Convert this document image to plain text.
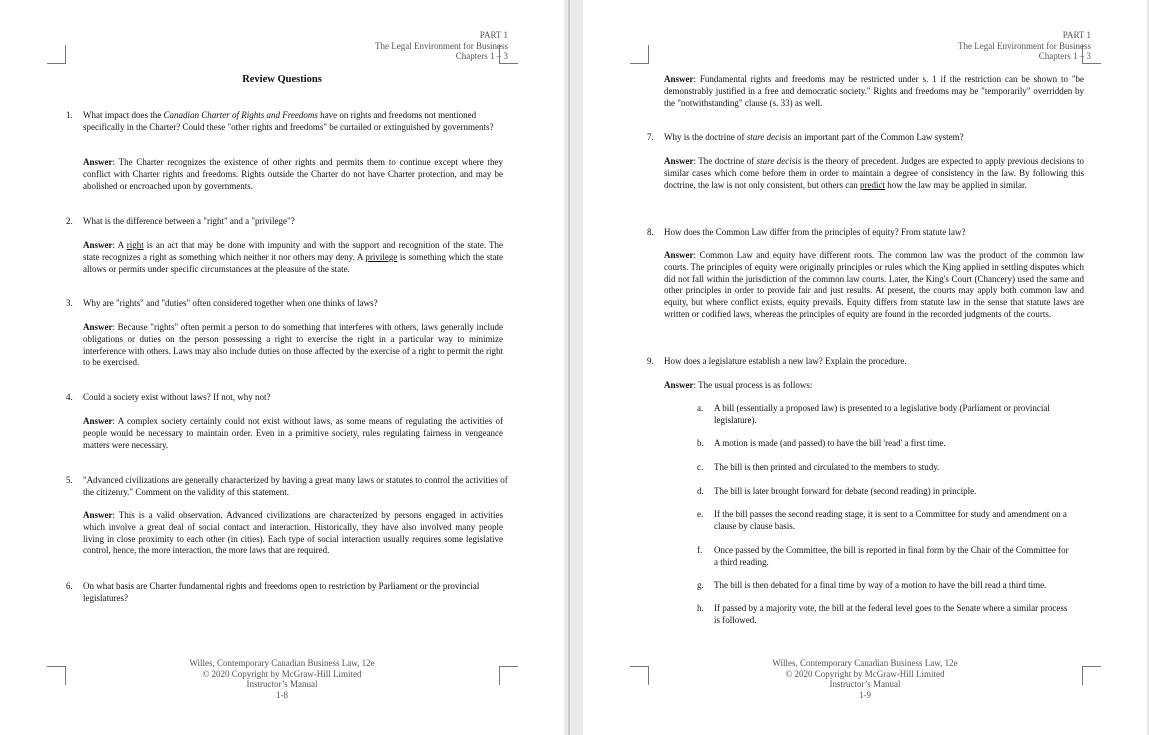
PART 1
The Legal Environment for Business
Chapters 1 – 3
Review Questions
1. What impact does the Canadian Charter of Rights and Freedoms have on rights and freedoms not mentioned specifically in the Charter? Could these "other rights and freedoms" be curtailed or extinguished by governments?
Answer: The Charter recognizes the existence of other rights and permits them to continue except where they conflict with Charter rights and freedoms. Rights outside the Charter do not have Charter protection, and may be abolished or encroached upon by governments.
2. What is the difference between a "right" and a "privilege"?
Answer: A right is an act that may be done with impunity and with the support and recognition of the state. The state recognizes a right as something which neither it nor others may deny. A privilege is something which the state allows or permits under specific circumstances at the pleasure of the state.
3. Why are "rights" and "duties" often considered together when one thinks of laws?
Answer: Because "rights" often permit a person to do something that interferes with others, laws generally include obligations or duties on the person possessing a right to exercise the right in a particular way to minimize interference with others. Laws may also include duties on those affected by the exercise of a right to permit the right to be exercised.
4. Could a society exist without laws? If not, why not?
Answer: A complex society certainly could not exist without laws, as some means of regulating the activities of people would be necessary to maintain order. Even in a primitive society, rules regulating fairness in vengeance matters were necessary.
5. "Advanced civilizations are generally characterized by having a great many laws or statutes to control the activities of the citizenry." Comment on the validity of this statement.
Answer: This is a valid observation. Advanced civilizations are characterized by persons engaged in activities which involve a great deal of social contact and interaction. Historically, they have also involved many people living in close proximity to each other (in cities). Each type of social interaction usually requires some legislative control, hence, the more interaction, the more laws that are required.
6. On what basis are Charter fundamental rights and freedoms open to restriction by Parliament or the provincial legislatures?
Willes, Contemporary Canadian Business Law, 12e
© 2020 Copyright by McGraw-Hill Limited
Instructor’s Manual
1-8
PART 1
The Legal Environment for Business
Chapters 1 – 3
Answer: Fundamental rights and freedoms may be restricted under s. 1 if the restriction can be shown to "be demonstrably justified in a free and democratic society." Rights and freedoms may be "temporarily" overridden by the "notwithstanding" clause (s. 33) as well.
7. Why is the doctrine of stare decisis an important part of the Common Law system?
Answer: The doctrine of stare decisis is the theory of precedent. Judges are expected to apply previous decisions to similar cases which come before them in order to maintain a degree of consistency in the law. By following this doctrine, the law is not only consistent, but others can predict how the law may be applied in similar.
8. How does the Common Law differ from the principles of equity? From statute law?
Answer: Common Law and equity have different roots. The common law was the product of the common law courts. The principles of equity were originally principles or rules which the King applied in settling disputes which did not fall within the jurisdiction of the common law courts. Later, the King's Court (Chancery) used the same and other principles in order to provide fair and just results. At present, the courts may apply both common law and equity, but where conflict exists, equity prevails. Equity differs from statute law in the sense that statute laws are written or codified laws, whereas the principles of equity are found in the recorded judgments of the courts.
9. How does a legislature establish a new law? Explain the procedure.
Answer: The usual process is as follows:
a. A bill (essentially a proposed law) is presented to a legislative body (Parliament or provincial legislature).
b. A motion is made (and passed) to have the bill 'read' a first time.
c. The bill is then printed and circulated to the members to study.
d. The bill is later brought forward for debate (second reading) in principle.
e. If the bill passes the second reading stage, it is sent to a Committee for study and amendment on a clause by clause basis.
f. Once passed by the Committee, the bill is reported in final form by the Chair of the Committee for a third reading.
g. The bill is then debated for a final time by way of a motion to have the bill read a third time.
h. If passed by a majority vote, the bill at the federal level goes to the Senate where a similar process is followed.
Willes, Contemporary Canadian Business Law, 12e
© 2020 Copyright by McGraw-Hill Limited
Instructor’s Manual
1-9
